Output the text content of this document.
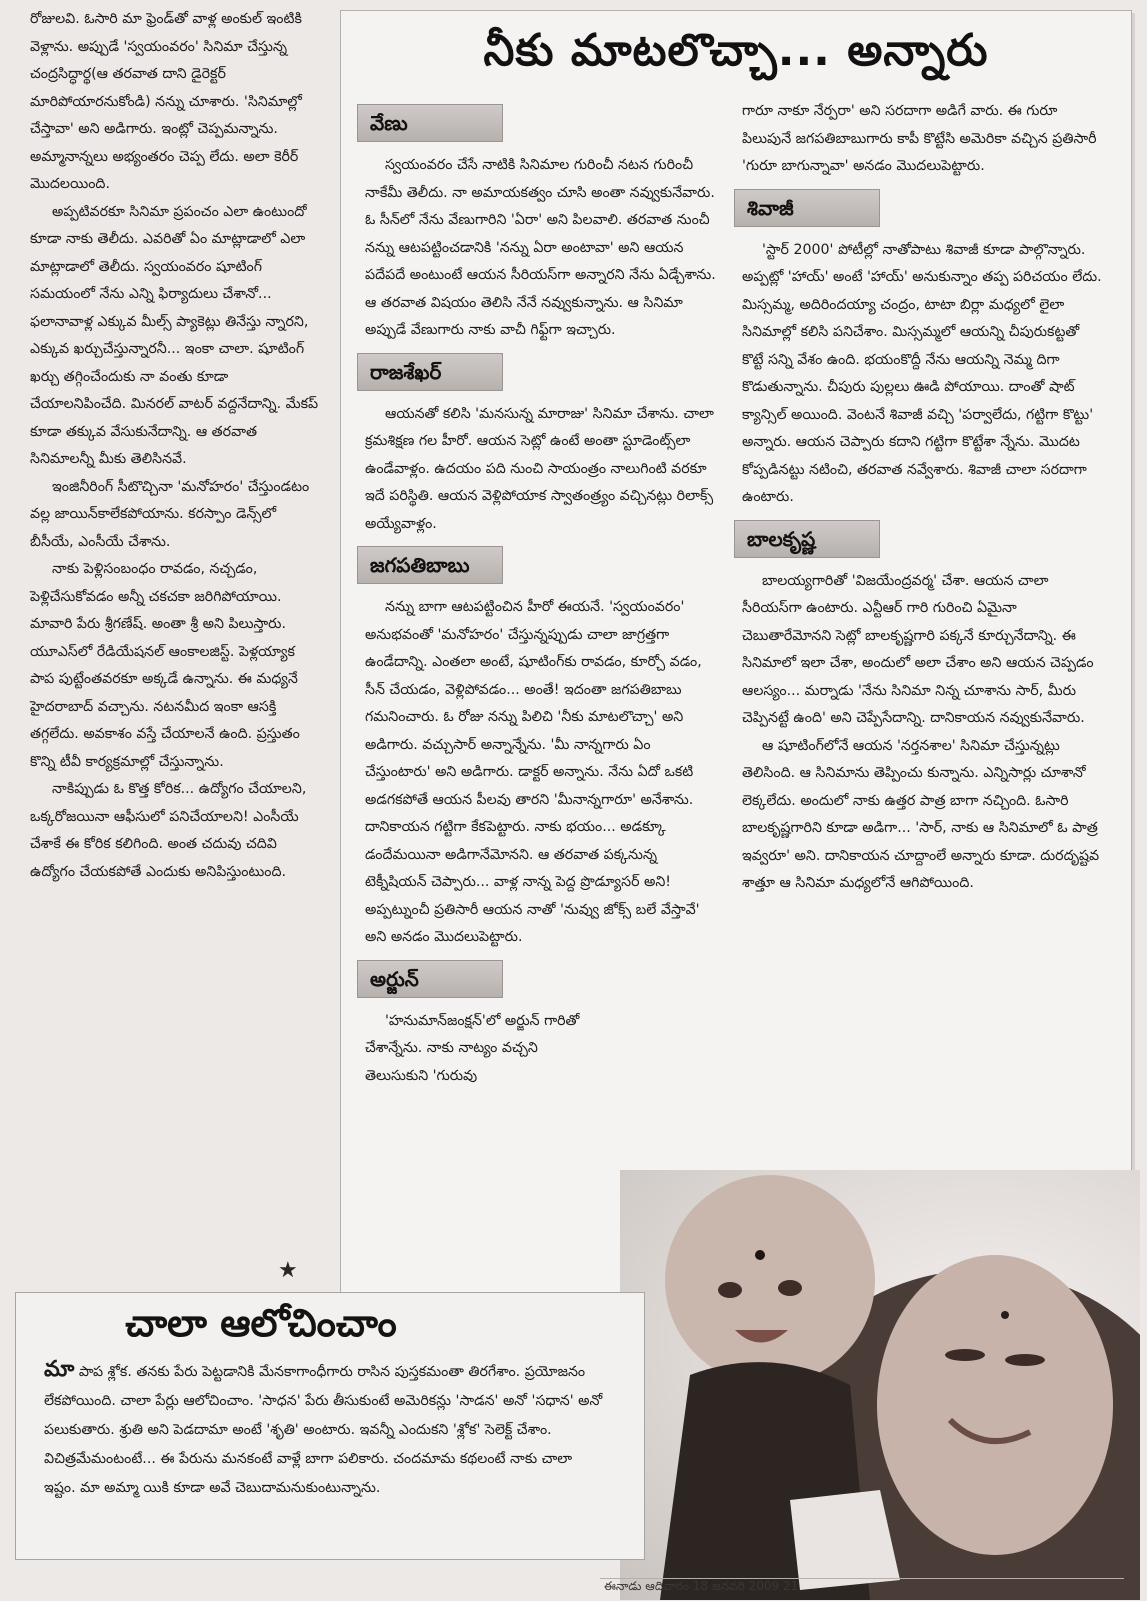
రోజులవి. ఓసారి మా ఫ్రెండ్‌తో వాళ్ల అంకుల్ ఇంటికి వెళ్లాను. అప్పుడే 'స్వయంవరం' సినిమా చేస్తున్న చంద్రసిద్ధార్థ(ఆ తరవాత దాని డైరెక్టర్ మారిపోయారనుకోండి) నన్ను చూశారు. 'సినిమాల్లో చేస్తావా' అని అడిగారు. ఇంట్లో చెప్పమన్నాను. అమ్మానాన్నలు అభ్యంతరం చెప్ప లేదు. అలా కెరీర్ మొదలయింది.

అప్పటివరకూ సినిమా ప్రపంచం ఎలా ఉంటుందో కూడా నాకు తెలీదు. ఎవరితో ఏం మాట్లాడాలో ఎలా మాట్లాడాలో తెలీదు. స్వయంవరం షూటింగ్ సమయంలో నేను ఎన్ని ఫిర్యాదులు చేశానో... ఫలానావాళ్ల ఎక్కువ మీల్స్ ప్యాకెట్లు తినేస్తు న్నారని, ఎక్కువ ఖర్చుచేస్తున్నారనీ... ఇంకా చాలా. షూటింగ్ ఖర్చు తగ్గించేందుకు నా వంతు కూడా చేయాలనిపించేది. మినరల్ వాటర్ వద్దనేదాన్ని. మేకప్ కూడా తక్కువ వేసుకునేదాన్ని. ఆ తరవాత సినిమాలన్నీ మీకు తెలిసినవే.

ఇంజినీరింగ్ సీటొచ్చినా 'మనోహరం' చేస్తుండటం వల్ల జాయిన్‌కాలేకపోయాను. కరస్పాం డెన్స్‌లో బీసీయే, ఎంసీయే చేశాను.

నాకు పెళ్లిసంబంధం రావడం, నచ్చడం, పెళ్లిచేసుకోవడం అన్నీ చకచకా జరిగిపోయాయి. మావారి పేరు శ్రీగణేష్. అంతా శ్రీ అని పిలుస్తారు. యూఎస్‌లో రేడియేషనల్ ఆంకాలజిస్ట్. పెళ్లయ్యాక పాప పుట్టేంతవరకూ అక్కడే ఉన్నాను. ఈ మధ్యనే హైదరాబాద్ వచ్చాను. నటనమీద ఇంకా ఆసక్తి తగ్గలేదు. అవకాశం వస్తే చేయాలనే ఉంది. ప్రస్తుతం కొన్ని టీవీ కార్యక్రమాల్లో చేస్తున్నాను.

నాకిప్పుడు ఓ కొత్త కోరిక... ఉద్యోగం చేయాలని, ఒక్కరోజయినా ఆఫీసులో పనిచేయాలని! ఎంసీయే చేశాకే ఈ కోరిక కలిగింది. అంత చదువు చదివి ఉద్యోగం చేయకపోతే ఎందుకు అనిపిస్తుంటుంది.

★
నీకు మాటలొచ్చా... అన్నారు
వేణు

స్వయంవరం చేసే నాటికి సినిమాల గురించీ నటన గురించీ నాకేమీ తెలీదు. నా అమాయకత్వం చూసి అంతా నవ్వుకునేవారు. ఓ సీన్‌లో నేను వేణుగారిని 'ఏరా' అని పిలవాలి. తరవాత నుంచీ నన్ను ఆటపట్టించడానికి 'నన్ను ఏరా అంటావా' అని ఆయన పదేపదే అంటుంటే ఆయన సీరియస్‌గా అన్నారని నేను ఏడ్చేశాను. ఆ తరవాత విషయం తెలిసి నేనే నవ్వుకున్నాను. ఆ సినిమా అప్పుడే వేణుగారు నాకు వాచీ గిఫ్ట్‌గా ఇచ్చారు.

రాజశేఖర్

ఆయనతో కలిసి 'మనసున్న మారాజు' సినిమా చేశాను. చాలా క్రమశిక్షణ గల హీరో. ఆయన సెట్లో ఉంటే అంతా స్టూడెంట్స్‌లా ఉండేవాళ్లం. ఉదయం పది నుంచి సాయంత్రం నాలుగింటి వరకూ ఇదే పరిస్థితి. ఆయన వెళ్లిపోయాక స్వాతంత్ర్యం వచ్చినట్లు రిలాక్స్ అయ్యేవాళ్లం.

జగపతిబాబు

నన్ను బాగా ఆటపట్టించిన హీరో ఈయనే. 'స్వయంవరం' అనుభవంతో 'మనోహరం' చేస్తున్నప్పుడు చాలా జాగ్రత్తగా ఉండేదాన్ని. ఎంతలా అంటే, షూటింగ్‌కు రావడం, కూర్చో వడం, సీన్ చేయడం, వెళ్లిపోవడం... అంతే! ఇదంతా జగపతిబాబు గమనించారు. ఓ రోజు నన్ను పిలిచి 'నీకు మాటలొచ్చా' అని అడిగారు. వచ్చుసార్ అన్నాన్నేను. 'మీ నాన్నగారు ఏం చేస్తుంటారు' అని అడిగారు. డాక్టర్ అన్నాను. నేను ఏదో ఒకటి అడగకపోతే ఆయన పీలవు తారని 'మీనాన్నగారూ' అనేశాను. దానికాయన గట్టిగా కేకపెట్టారు. నాకు భయం... అడక్కూ డందేమయినా అడిగానేమోనని. ఆ తరవాత పక్కనున్న టెక్నీషియన్ చెప్పారు... వాళ్ల నాన్న పెద్ద ప్రొడ్యూసర్ అని! అప్పట్నుంచీ ప్రతిసారీ ఆయన నాతో 'నువ్వు జోక్స్ బలే వేస్తావే' అని అనడం మొదలుపెట్టారు.

అర్జున్

'హనుమాన్‌జంక్షన్'లో అర్జున్ గారితో చేశాన్నేను. నాకు నాట్యం వచ్చని తెలుసుకుని 'గురువు

గారూ నాకూ నేర్పరా' అని సరదాగా అడిగే వారు. ఈ గురూ పిలుపునే జగపతిబాబుగారు కాపీ కొట్టేసి అమెరికా వచ్చిన ప్రతిసారీ 'గురూ బాగున్నావా' అనడం మొదలుపెట్టారు.

శివాజీ

'స్టార్ 2000' పోటీల్లో నాతోపాటు శివాజీ కూడా పాల్గొన్నారు. అప్పట్లో 'హాయ్' అంటే 'హాయ్' అనుకున్నాం తప్ప పరిచయం లేదు. మిస్సమ్మ, అదిరిందయ్యా చంద్రం, టాటా బిర్లా మధ్యలో లైలా సినిమాల్లో కలిసి పనిచేశాం. మిస్సమ్మలో ఆయన్ని చీపురుకట్టతో కొట్టే సన్ని వేశం ఉంది. భయంకొద్దీ నేను ఆయన్ని నెమ్మ దిగా కొడుతున్నాను. చీపురు పుల్లలు ఊడి పోయాయి. దాంతో షాట్ క్యాన్సిల్ అయింది. వెంటనే శివాజీ వచ్చి 'పర్వాలేదు, గట్టిగా కొట్టు' అన్నారు. ఆయన చెప్పారు కదాని గట్టిగా కొట్టేశా న్నేను. మొదట కోప్పడినట్టు నటించి, తరవాత నవ్వేశారు. శివాజీ చాలా సరదాగా ఉంటారు.

బాలకృష్ణ

బాలయ్యగారితో 'విజయేంద్రవర్మ' చేశా. ఆయన చాలా సీరియస్‌గా ఉంటారు. ఎన్టీఆర్ గారి గురించి ఏమైనా చెబుతారేమోనని సెట్లో బాలకృష్ణగారి పక్కనే కూర్చునేదాన్ని. ఈ సినిమాలో ఇలా చేశా, అందులో అలా చేశాం అని ఆయన చెప్పడం ఆలస్యం... మర్నాడు 'నేను సినిమా నిన్న చూశాను సార్, మీరు చెప్పినట్టే ఉంది' అని చెప్పేసేదాన్ని. దానికాయన నవ్వుకునేవారు.

ఆ షూటింగ్‌లోనే ఆయన 'నర్తనశాల' సినిమా చేస్తున్నట్లు తెలిసింది. ఆ సినిమాను తెప్పించు కున్నాను. ఎన్నిసార్లు చూశానో లెక్కలేదు. అందులో నాకు ఉత్తర పాత్ర బాగా నచ్చింది. ఓసారి బాలకృష్ణగారిని కూడా అడిగా... 'సార్, నాకు ఆ సినిమాలో ఓ పాత్ర ఇవ్వరూ' అని. దానికాయన చూద్దాంలే అన్నారు కూడా. దురదృష్టవ శాత్తూ ఆ సినిమా మధ్యలోనే ఆగిపోయింది.

చాలా ఆలోచించాం
మా పాప శ్లోక. తనకు పేరు పెట్టడానికి మేనకాగాంధీగారు రాసిన పుస్తకమంతా తిరగేశాం. ప్రయోజనం లేకపోయింది. చాలా పేర్లు ఆలోచించాం. 'సాధన' పేరు తీసుకుంటే అమెరికన్లు 'సాడన' అనో 'సధాన' అనో పలుకుతారు. శ్రుతి అని పెడదామా అంటే 'శృతి' అంటారు. ఇవన్నీ ఎందుకని 'శ్లోక' సెలెక్ట్ చేశాం. విచిత్రమేమంటంటే... ఈ పేరును మనకంటే వాళ్లే బాగా పలికారు. చందమామ కథలంటే నాకు చాలా ఇష్టం. మా అమ్మా యికి కూడా అవే చెబుదామనుకుంటున్నాను.
ఈనాడు ఆదివారం 18 జనవరి 2009 21
